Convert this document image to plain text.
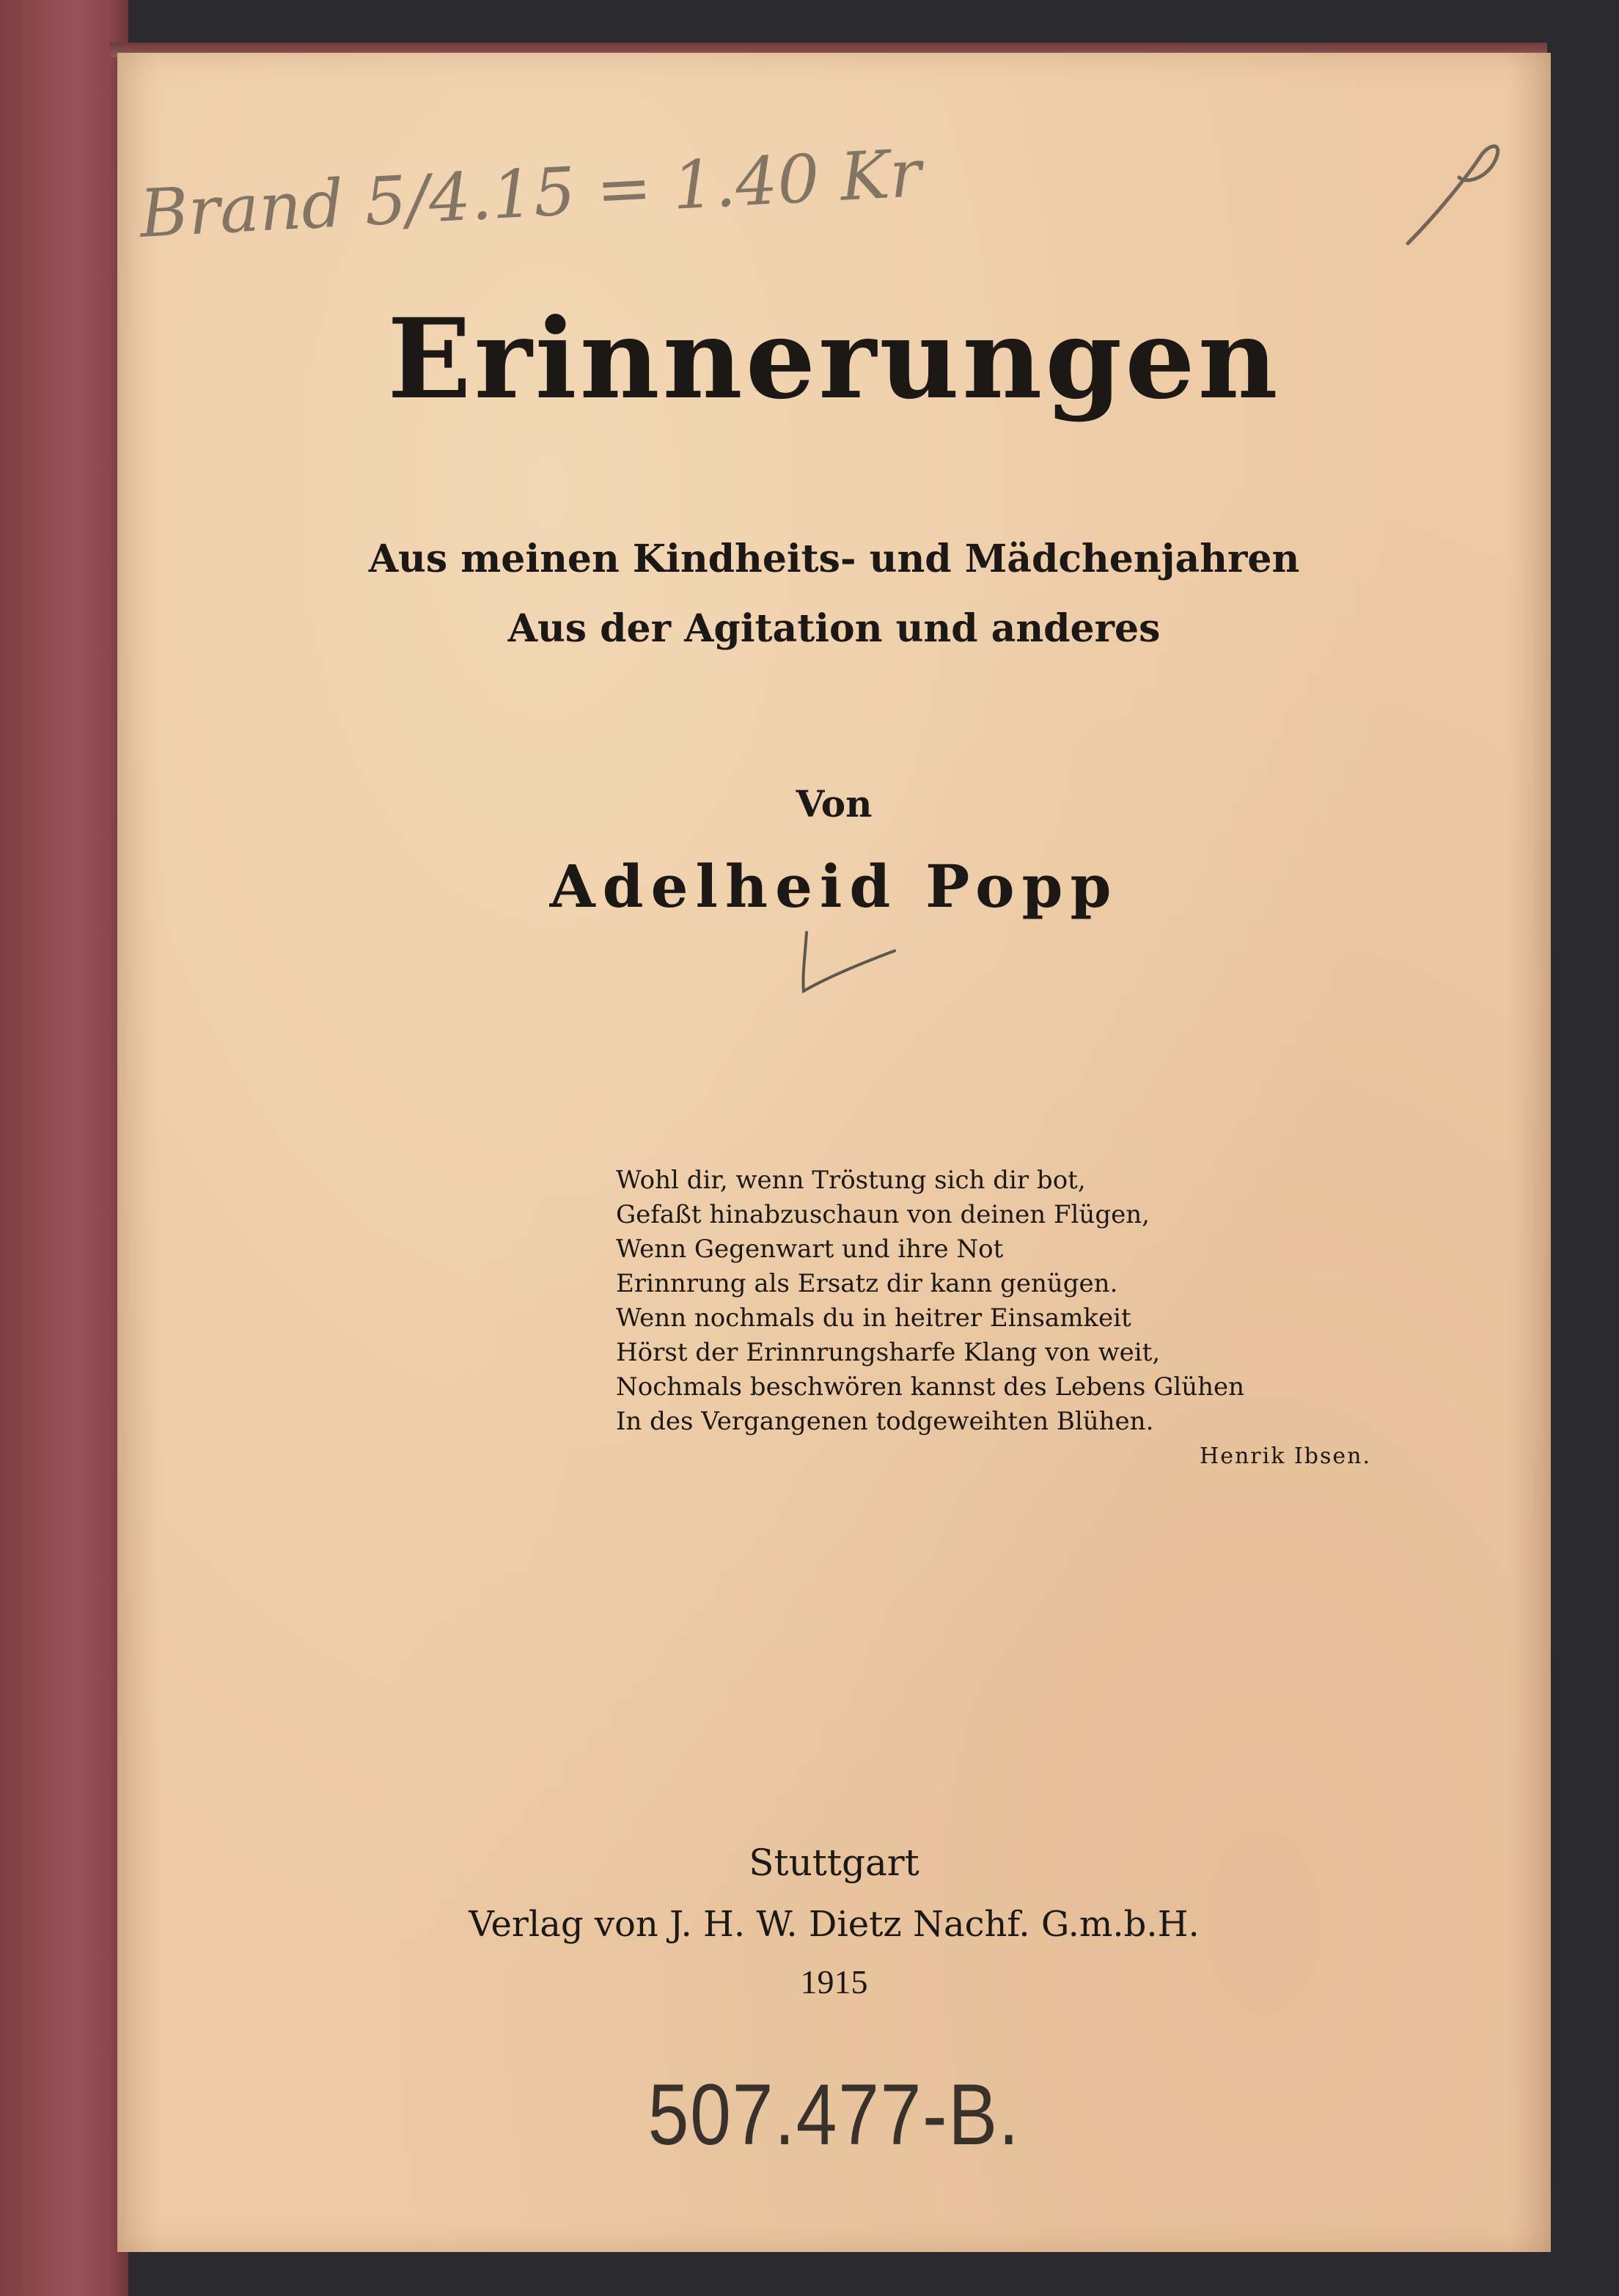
Brand 5/4.15 = 1.40 Kr
Erinnerungen
Aus meinen Kindheits- und Mädchenjahren
Aus der Agitation und anderes
Von
Adelheid Popp
Wohl dir, wenn Tröstung sich dir bot,
Gefaßt hinabzuschaun von deinen Flügen,
Wenn Gegenwart und ihre Not
Erinnrung als Ersatz dir kann genügen.
Wenn nochmals du in heitrer Einsamkeit
Hörst der Erinnrungsharfe Klang von weit,
Nochmals beschwören kannst des Lebens Glühen
In des Vergangenen todgeweihten Blühen.
Henrik Ibsen.
Stuttgart
Verlag von J. H. W. Dietz Nachf. G.m.b.H.
1915
507.477-B.
